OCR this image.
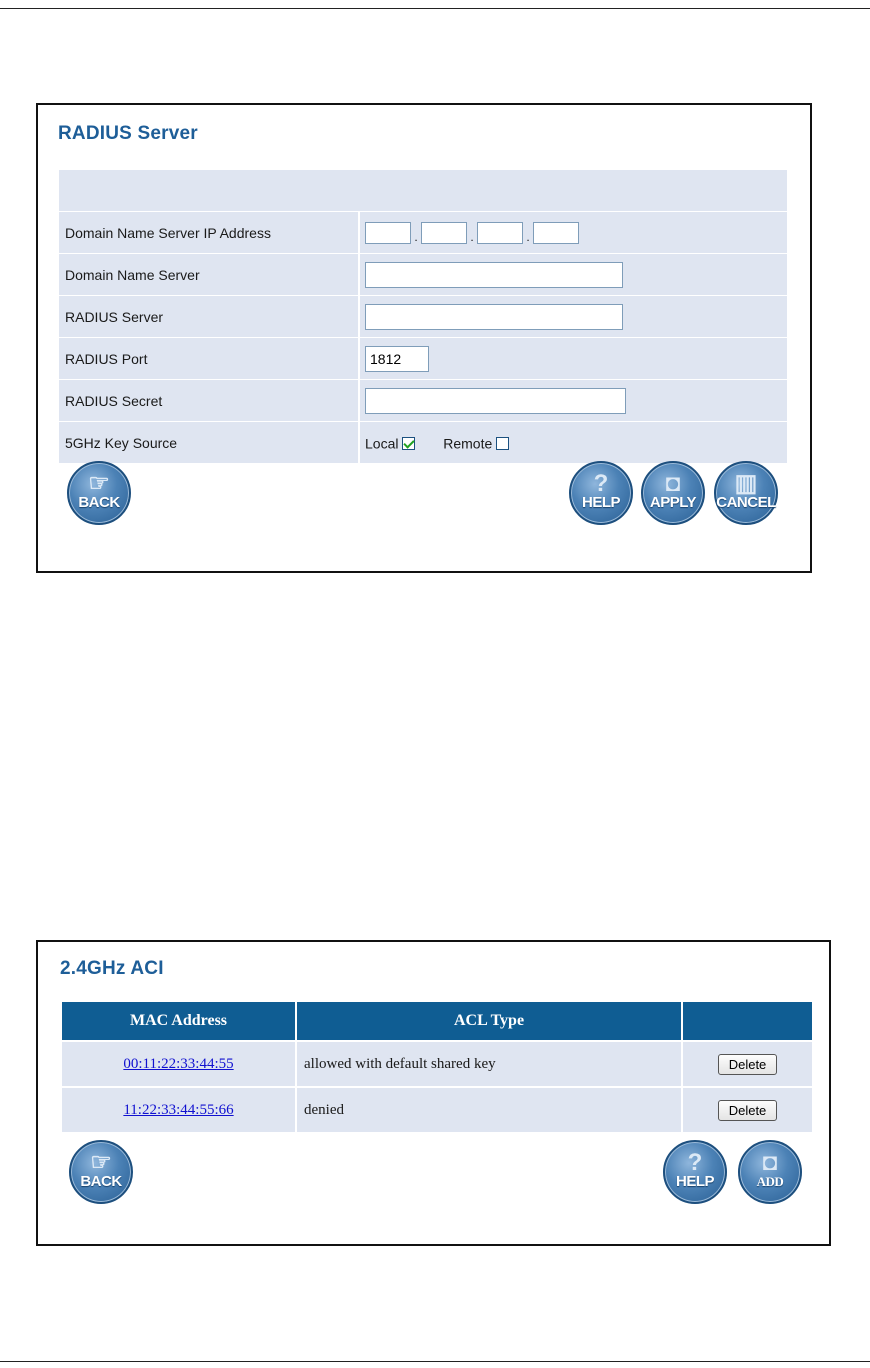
RADIUS Server

Domain Name Server IP Address	. . .
Domain Name Server	
RADIUS Server	
RADIUS Port	1812
RADIUS Secret	
5GHz Key Source	Local Remote
☞
BACK
?
HELP
◘
APPLY
▥
CANCEL
2.4GHz ACI
MAC Address	ACL Type	
00:11:22:33:44:55	allowed with default shared key	Delete
11:22:33:44:55:66	denied	Delete
☞
BACK
?
HELP
◘
ADD
